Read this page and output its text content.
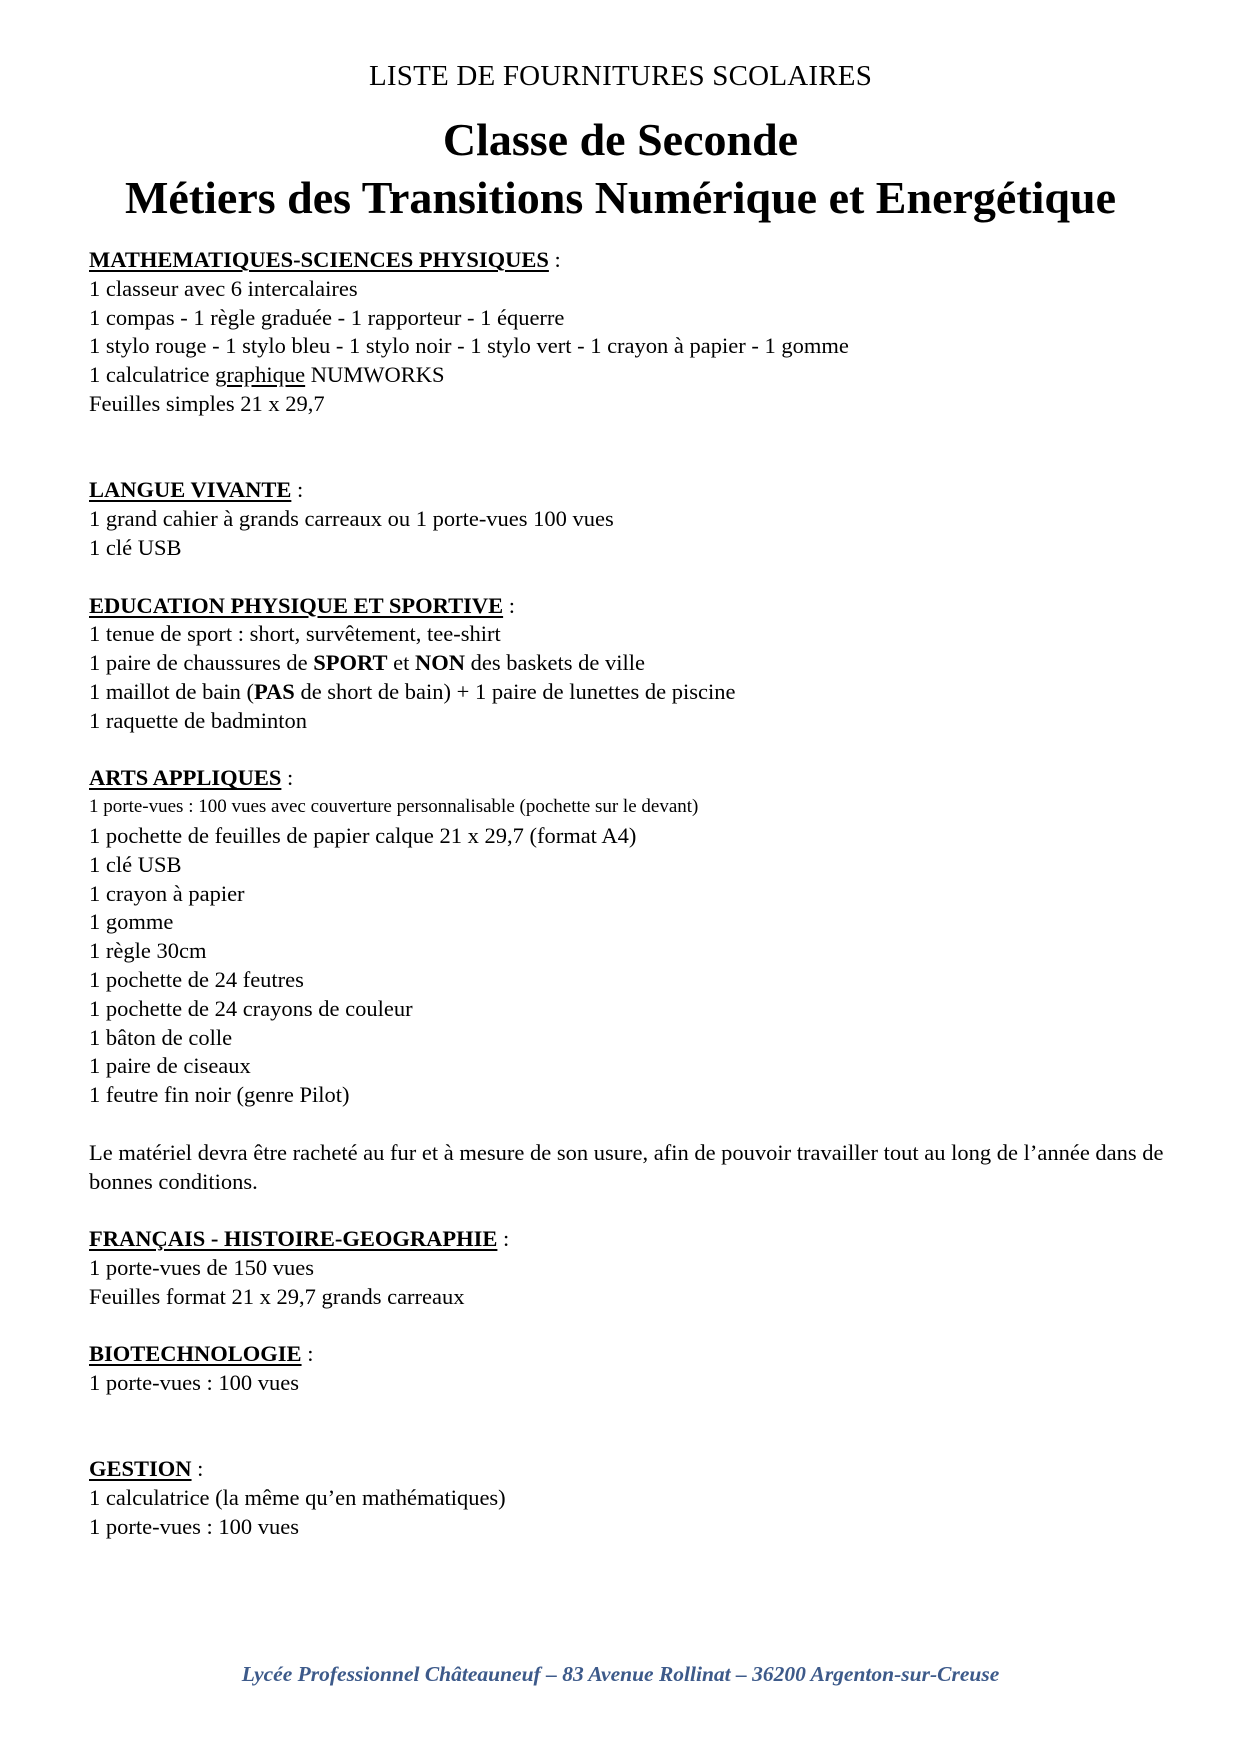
LISTE DE FOURNITURES SCOLAIRES
Classe de Seconde
Métiers des Transitions Numérique et Energétique
MATHEMATIQUES-SCIENCES PHYSIQUES :
1 classeur avec 6 intercalaires
1 compas - 1 règle graduée - 1 rapporteur - 1 équerre
1 stylo rouge - 1 stylo bleu - 1 stylo noir - 1 stylo vert - 1 crayon à papier - 1 gomme
1 calculatrice graphique NUMWORKS
Feuilles simples 21 x 29,7
LANGUE VIVANTE :
1 grand cahier à grands carreaux ou 1 porte-vues 100 vues
1 clé USB
EDUCATION PHYSIQUE ET SPORTIVE :
1 tenue de sport : short, survêtement, tee-shirt
1 paire de chaussures de SPORT et NON des baskets de ville
1 maillot de bain (PAS de short de bain) + 1 paire de lunettes de piscine
1 raquette de badminton
ARTS APPLIQUES :
1 porte-vues : 100 vues avec couverture personnalisable (pochette sur le devant)
1 pochette de feuilles de papier calque 21 x 29,7 (format A4)
1 clé USB
1 crayon à papier
1 gomme
1 règle 30cm
1 pochette de 24 feutres
1 pochette de 24 crayons de couleur
1 bâton de colle
1 paire de ciseaux
1 feutre fin noir (genre Pilot)
Le matériel devra être racheté au fur et à mesure de son usure, afin de pouvoir travailler tout au long de l’année dans de bonnes conditions.
FRANÇAIS - HISTOIRE-GEOGRAPHIE :
1 porte-vues de 150 vues
Feuilles format 21 x 29,7 grands carreaux
BIOTECHNOLOGIE :
1 porte-vues : 100 vues
GESTION :
1 calculatrice (la même qu’en mathématiques)
1 porte-vues : 100 vues
Lycée Professionnel Châteauneuf – 83 Avenue Rollinat – 36200 Argenton-sur-Creuse
